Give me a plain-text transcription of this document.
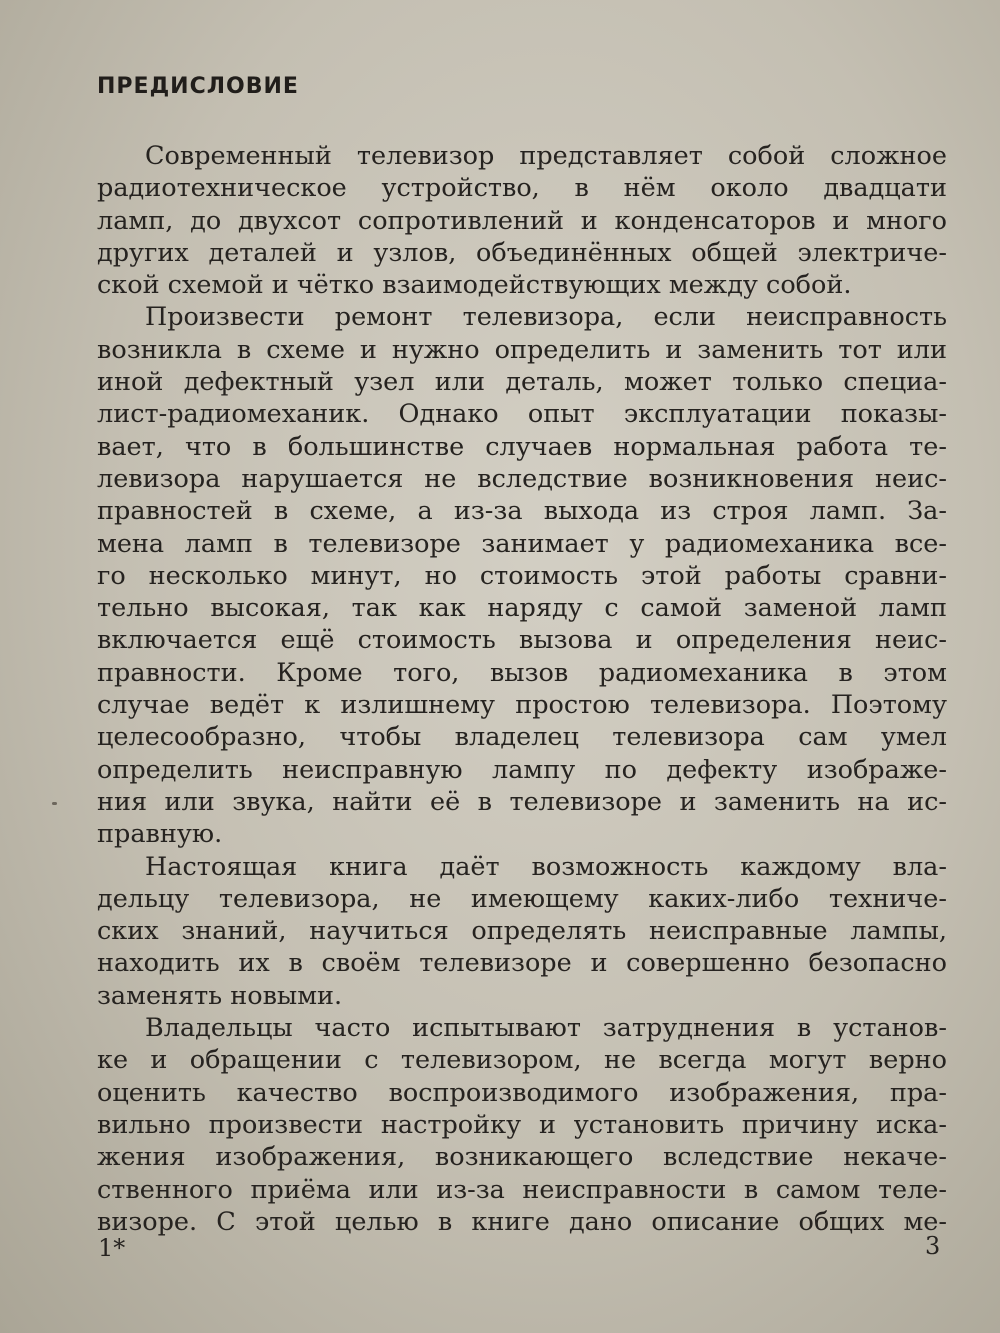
ПРЕДИСЛОВИЕ
Современный телевизор представляет собой сложное
радиотехническое устройство, в нём около двадцати
ламп, до двухсот сопротивлений и конденсаторов и много
других деталей и узлов, объединённых общей электриче-
ской схемой и чётко взаимодействующих между собой.
Произвести ремонт телевизора, если неисправность
возникла в схеме и нужно определить и заменить тот или
иной дефектный узел или деталь, может только специа-
лист-радиомеханик. Однако опыт эксплуатации показы-
вает, что в большинстве случаев нормальная работа те-
левизора нарушается не вследствие возникновения неис-
правностей в схеме, а из-за выхода из строя ламп. За-
мена ламп в телевизоре занимает у радиомеханика все-
го несколько минут, но стоимость этой работы сравни-
тельно высокая, так как наряду с самой заменой ламп
включается ещё стоимость вызова и определения неис-
правности. Кроме того, вызов радиомеханика в этом
случае ведёт к излишнему простою телевизора. Поэтому
целесообразно, чтобы владелец телевизора сам умел
определить неисправную лампу по дефекту изображе-
ния или звука, найти её в телевизоре и заменить на ис-
правную.
Настоящая книга даёт возможность каждому вла-
дельцу телевизора, не имеющему каких-либо техниче-
ских знаний, научиться определять неисправные лампы,
находить их в своём телевизоре и совершенно безопасно
заменять новыми.
Владельцы часто испытывают затруднения в установ-
ке и обращении с телевизором, не всегда могут верно
оценить качество воспроизводимого изображения, пра-
вильно произвести настройку и установить причину иска-
жения изображения, возникающего вследствие некаче-
ственного приёма или из-за неисправности в самом теле-
визоре. С этой целью в книге дано описание общих ме-
1*	3
